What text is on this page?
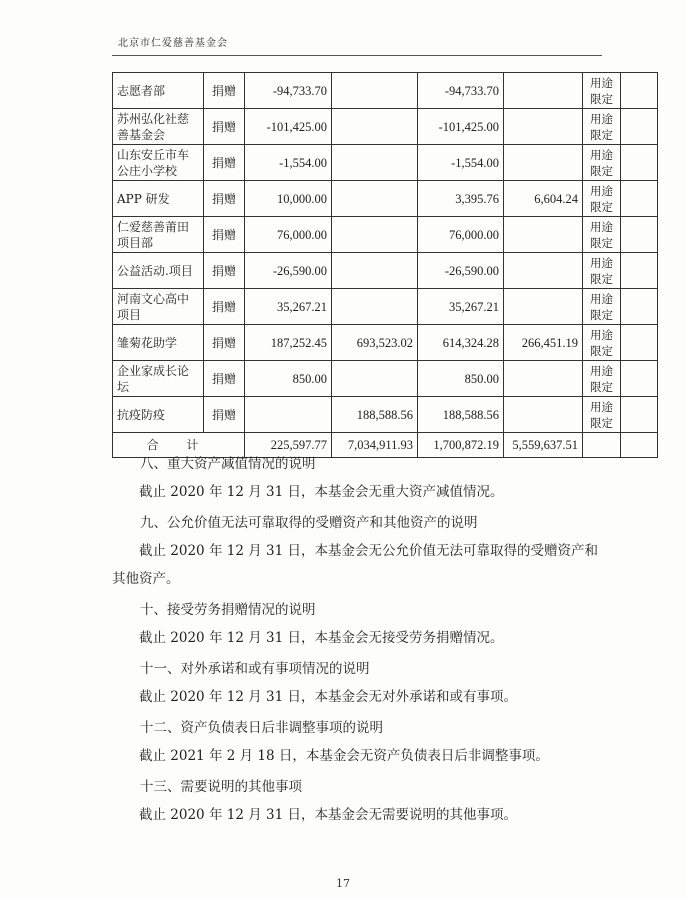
北京市仁爱慈善基金会
志愿者部	捐赠	-94,733.70		-94,733.70		用途限定	
苏州弘化社慈善基金会	捐赠	-101,425.00		-101,425.00		用途限定	
山东安丘市车公庄小学校	捐赠	-1,554.00		-1,554.00		用途限定	
APP 研发	捐赠	10,000.00		3,395.76	6,604.24	用途限定	
仁爱慈善莆田项目部	捐赠	76,000.00		76,000.00		用途限定	
公益活动.项目	捐赠	-26,590.00		-26,590.00		用途限定	
河南文心高中项目	捐赠	35,267.21		35,267.21		用途限定	
雏菊花助学	捐赠	187,252.45	693,523.02	614,324.28	266,451.19	用途限定	
企业家成长论坛	捐赠	850.00		850.00		用途限定	
抗疫防疫	捐赠		188,588.56	188,588.56		用途限定	
合 计		225,597.77	7,034,911.93	1,700,872.19	5,559,637.51		

八、重大资产减值情况的说明

截止 2020 年 12 月 31 日，本基金会无重大资产减值情况。

九、公允价值无法可靠取得的受赠资产和其他资产的说明

截止 2020 年 12 月 31 日，本基金会无公允价值无法可靠取得的受赠资产和其他资产。

十、接受劳务捐赠情况的说明

截止 2020 年 12 月 31 日，本基金会无接受劳务捐赠情况。

十一、对外承诺和或有事项情况的说明

截止 2020 年 12 月 31 日，本基金会无对外承诺和或有事项。

十二、资产负债表日后非调整事项的说明

截止 2021 年 2 月 18 日，本基金会无资产负债表日后非调整事项。

十三、需要说明的其他事项

截止 2020 年 12 月 31 日，本基金会无需要说明的其他事项。

17
